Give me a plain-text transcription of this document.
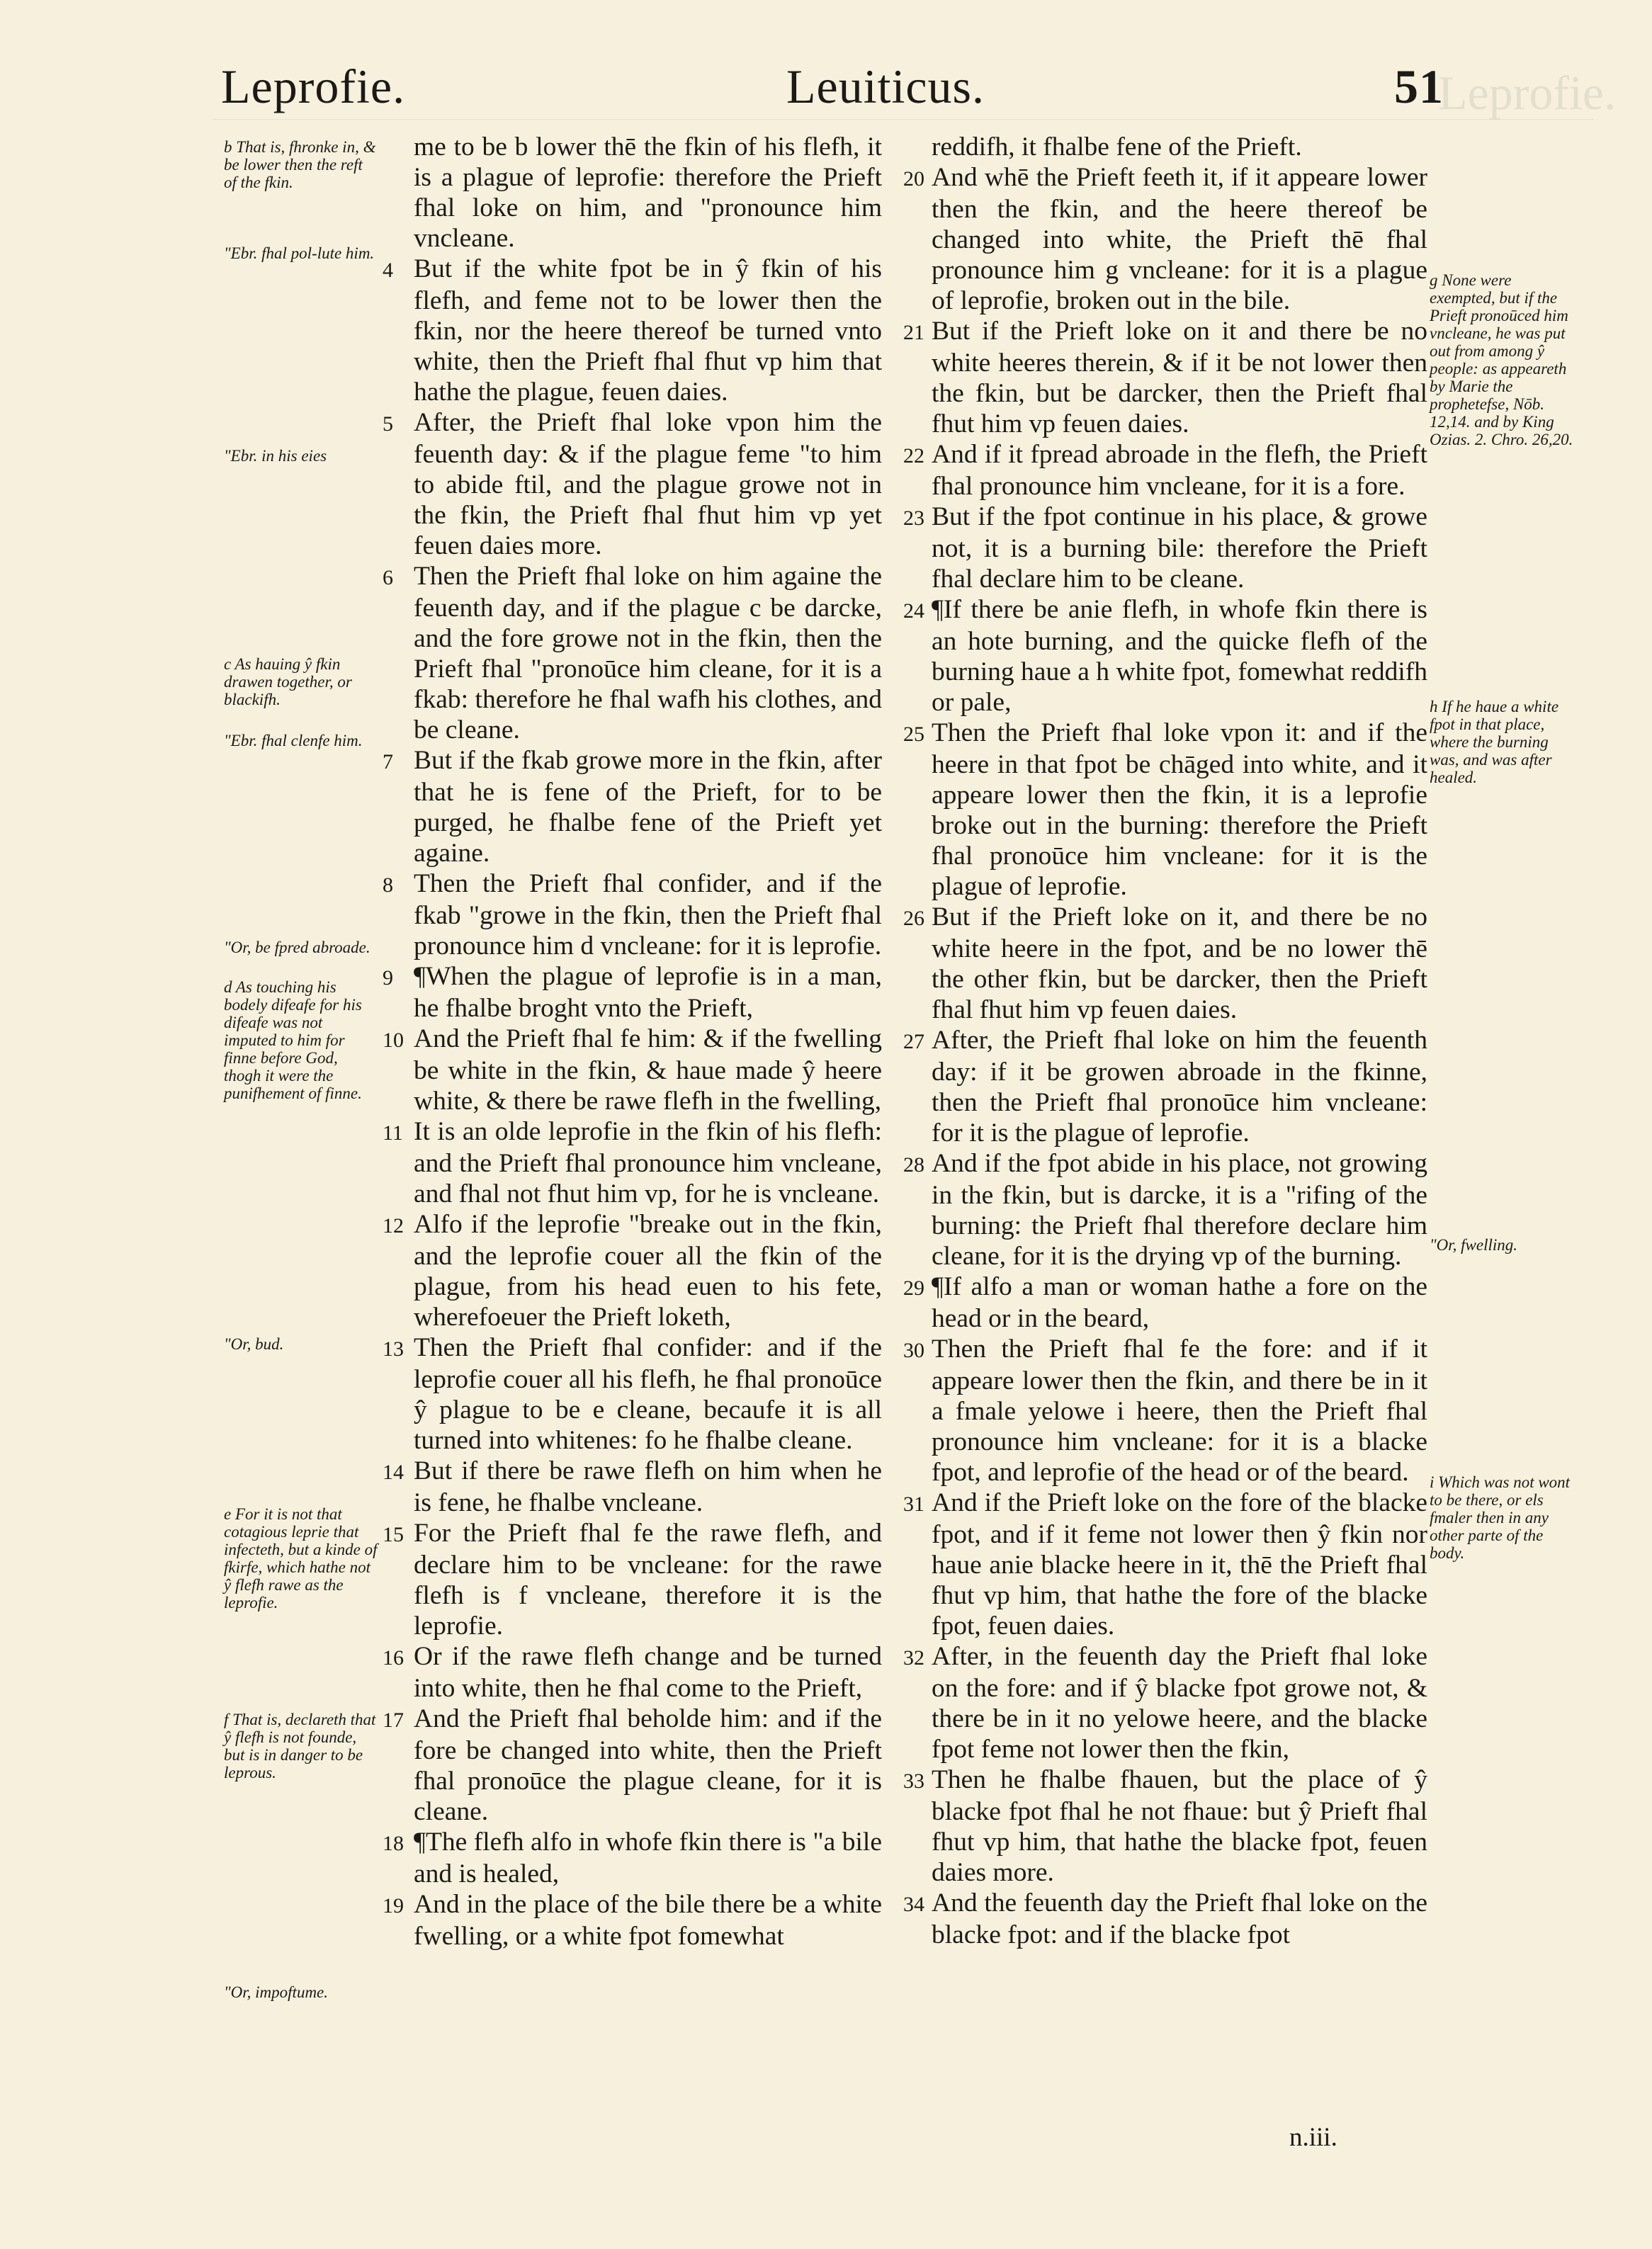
Leprofie.
Leprofie.	Leuiticus.	51
b That is, fhronke in, & be lower then the reft of the fkin.
"Ebr. fhal pol-lute him.
"Ebr. in his eies
c As hauing ŷ fkin drawen together, or blackifh.
"Ebr. fhal clenfe him.
"Or, be fpred abroade.
d As touching his bodely difeafe for his difeafe was not imputed to him for finne before God, thogh it were the punifhement of finne.
"Or, bud.
e For it is not that cotagious leprie that infecteth, but a kinde of fkirfe, which hathe not ŷ flefh rawe as the leprofie.
f That is, declareth that ŷ flefh is not founde, but is in danger to be leprous.
"Or, impoftume.

me to be b lower thē the fkin of his flefh, it is a plague of leprofie: therefore the Prieft fhal loke on him, and "pronounce him vncleane.

4 But if the white fpot be in ŷ fkin of his flefh, and feme not to be lower then the fkin, nor the heere thereof be turned vnto white, then the Prieft fhal fhut vp him that hathe the plague, feuen daies.

5 After, the Prieft fhal loke vpon him the feuenth day: & if the plague feme "to him to abide ftil, and the plague growe not in the fkin, the Prieft fhal fhut him vp yet feuen daies more.

6 Then the Prieft fhal loke on him againe the feuenth day, and if the plague c be darcke, and the fore growe not in the fkin, then the Prieft fhal "pronoūce him cleane, for it is a fkab: therefore he fhal wafh his clothes, and be cleane.

7 But if the fkab growe more in the fkin, after that he is fene of the Prieft, for to be purged, he fhalbe fene of the Prieft yet againe.

8 Then the Prieft fhal confider, and if the fkab "growe in the fkin, then the Prieft fhal pronounce him d vncleane: for it is leprofie.

9 ¶When the plague of leprofie is in a man, he fhalbe broght vnto the Prieft,

10 And the Prieft fhal fe him: & if the fwelling be white in the fkin, & haue made ŷ heere white, & there be rawe flefh in the fwelling,

11 It is an olde leprofie in the fkin of his flefh: and the Prieft fhal pronounce him vncleane, and fhal not fhut him vp, for he is vncleane.

12 Alfo if the leprofie "breake out in the fkin, and the leprofie couer all the fkin of the plague, from his head euen to his fete, wherefoeuer the Prieft loketh,

13 Then the Prieft fhal confider: and if the leprofie couer all his flefh, he fhal pronoūce ŷ plague to be e cleane, becaufe it is all turned into whitenes: fo he fhalbe cleane.

14 But if there be rawe flefh on him when he is fene, he fhalbe vncleane.

15 For the Prieft fhal fe the rawe flefh, and declare him to be vncleane: for the rawe flefh is f vncleane, therefore it is the leprofie.

16 Or if the rawe flefh change and be turned into white, then he fhal come to the Prieft,

17 And the Prieft fhal beholde him: and if the fore be changed into white, then the Prieft fhal pronoūce the plague cleane, for it is cleane.

18 ¶The flefh alfo in whofe fkin there is "a bile and is healed,

19 And in the place of the bile there be a white fwelling, or a white fpot fomewhat

reddifh, it fhalbe fene of the Prieft.

20 And whē the Prieft feeth it, if it appeare lower then the fkin, and the heere thereof be changed into white, the Prieft thē fhal pronounce him g vncleane: for it is a plague of leprofie, broken out in the bile.

21 But if the Prieft loke on it and there be no white heeres therein, & if it be not lower then the fkin, but be darcker, then the Prieft fhal fhut him vp feuen daies.

22 And if it fpread abroade in the flefh, the Prieft fhal pronounce him vncleane, for it is a fore.

23 But if the fpot continue in his place, & growe not, it is a burning bile: therefore the Prieft fhal declare him to be cleane.

24 ¶If there be anie flefh, in whofe fkin there is an hote burning, and the quicke flefh of the burning haue a h white fpot, fomewhat reddifh or pale,

25 Then the Prieft fhal loke vpon it: and if the heere in that fpot be chāged into white, and it appeare lower then the fkin, it is a leprofie broke out in the burning: therefore the Prieft fhal pronoūce him vncleane: for it is the plague of leprofie.

26 But if the Prieft loke on it, and there be no white heere in the fpot, and be no lower thē the other fkin, but be darcker, then the Prieft fhal fhut him vp feuen daies.

27 After, the Prieft fhal loke on him the feuenth day: if it be growen abroade in the fkinne, then the Prieft fhal pronoūce him vncleane: for it is the plague of leprofie.

28 And if the fpot abide in his place, not growing in the fkin, but is darcke, it is a "rifing of the burning: the Prieft fhal therefore declare him cleane, for it is the drying vp of the burning.

29 ¶If alfo a man or woman hathe a fore on the head or in the beard,

30 Then the Prieft fhal fe the fore: and if it appeare lower then the fkin, and there be in it a fmale yelowe i heere, then the Prieft fhal pronounce him vncleane: for it is a blacke fpot, and leprofie of the head or of the beard.

31 And if the Prieft loke on the fore of the blacke fpot, and if it feme not lower then ŷ fkin nor haue anie blacke heere in it, thē the Prieft fhal fhut vp him, that hathe the fore of the blacke fpot, feuen daies.

32 After, in the feuenth day the Prieft fhal loke on the fore: and if ŷ blacke fpot growe not, & there be in it no yelowe heere, and the blacke fpot feme not lower then the fkin,

33 Then he fhalbe fhauen, but the place of ŷ blacke fpot fhal he not fhaue: but ŷ Prieft fhal fhut vp him, that hathe the blacke fpot, feuen daies more.

34 And the feuenth day the Prieft fhal loke on the blacke fpot: and if the blacke fpot

g None were exempted, but if the Prieft pronoūced him vncleane, he was put out from among ŷ people: as appeareth by Marie the prophetefse, Nōb. 12,14. and by King Ozias. 2. Chro. 26,20.
h If he haue a white fpot in that place, where the burning was, and was after healed.
"Or, fwelling.
i Which was not wont to be there, or els fmaler then in any other parte of the body.
n.iii.
